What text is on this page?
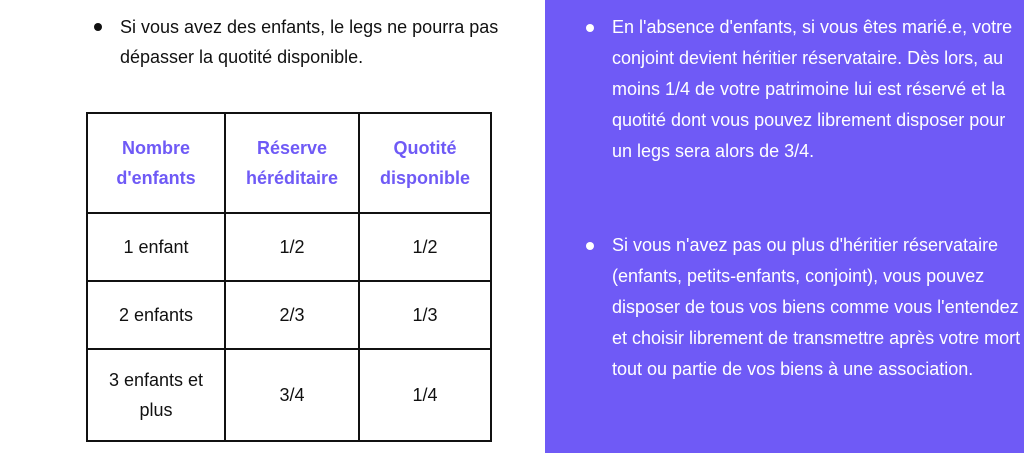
Si vous avez des enfants, le legs ne pourra pas dépasser la quotité disponible.
Nombre d'enfants	Réserve héréditaire	Quotité disponible
1 enfant	1/2	1/2
2 enfants	2/3	1/3
3 enfants et plus	3/4	1/4
En l'absence d'enfants, si vous êtes marié.e, votre conjoint devient héritier réservataire. Dès lors, au moins 1/4 de votre patrimoine lui est réservé et la quotité dont vous pouvez librement disposer pour un legs sera alors de 3/4.
Si vous n'avez pas ou plus d'héritier réservataire (enfants, petits-enfants, conjoint), vous pouvez disposer de tous vos biens comme vous l'entendez et choisir librement de transmettre après votre mort tout ou partie de vos biens à une association.
